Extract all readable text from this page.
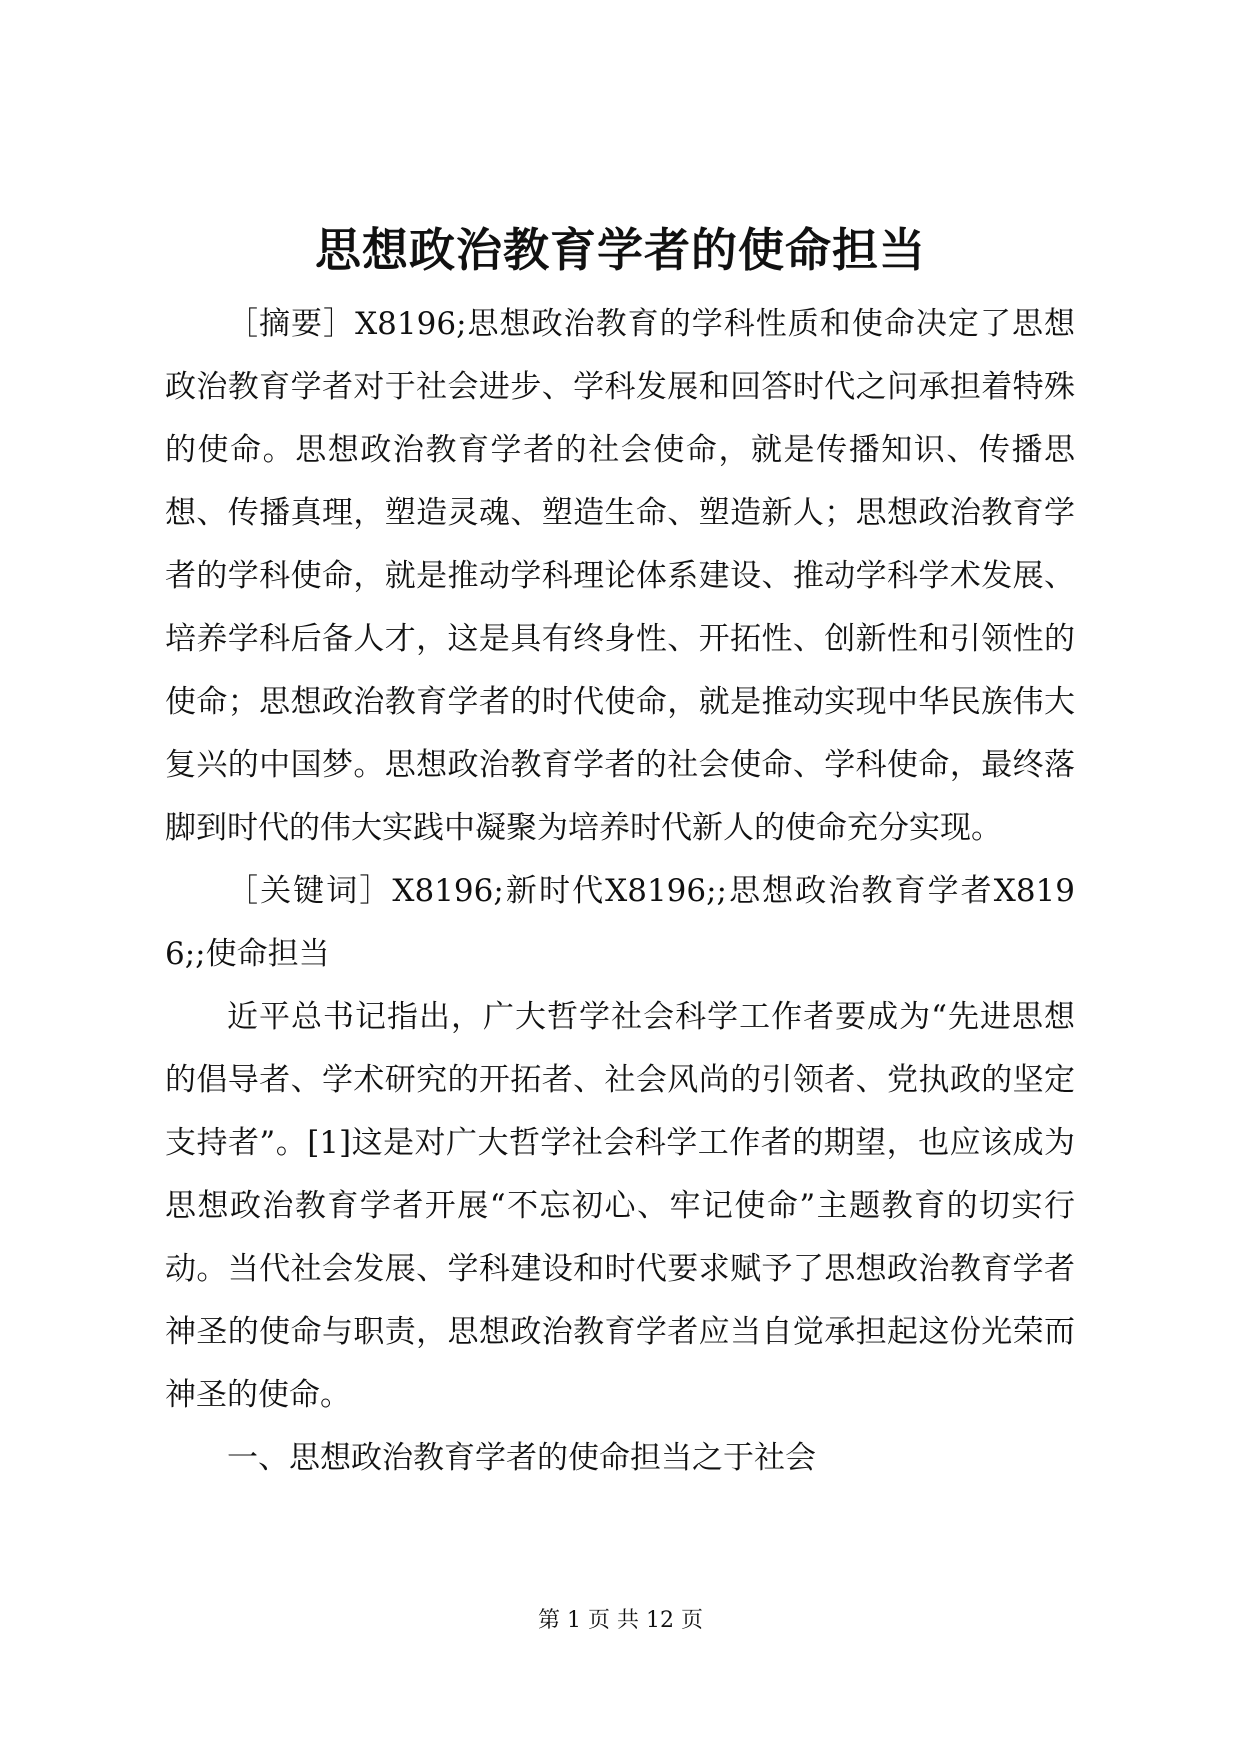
思想政治教育学者的使命担当

［摘要］X8196;思想政治教育的学科性质和使命决定了思想政治教育学者对于社会进步、学科发展和回答时代之问承担着特殊的使命。思想政治教育学者的社会使命，就是传播知识、传播思想、传播真理，塑造灵魂、塑造生命、塑造新人；思想政治教育学者的学科使命，就是推动学科理论体系建设、推动学科学术发展、培养学科后备人才，这是具有终身性、开拓性、创新性和引领性的使命；思想政治教育学者的时代使命，就是推动实现中华民族伟大复兴的中国梦。思想政治教育学者的社会使命、学科使命，最终落脚到时代的伟大实践中凝聚为培养时代新人的使命充分实现。

［关键词］X8196;新时代X8196;;思想政治教育学者X8196;;使命担当

近平总书记指出，广大哲学社会科学工作者要成为“先进思想的倡导者、学术研究的开拓者、社会风尚的引领者、党执政的坚定支持者”。[1]这是对广大哲学社会科学工作者的期望，也应该成为思想政治教育学者开展“不忘初心、牢记使命”主题教育的切实行动。当代社会发展、学科建设和时代要求赋予了思想政治教育学者神圣的使命与职责，思想政治教育学者应当自觉承担起这份光荣而神圣的使命。

一、思想政治教育学者的使命担当之于社会

第 1 页 共 12 页
